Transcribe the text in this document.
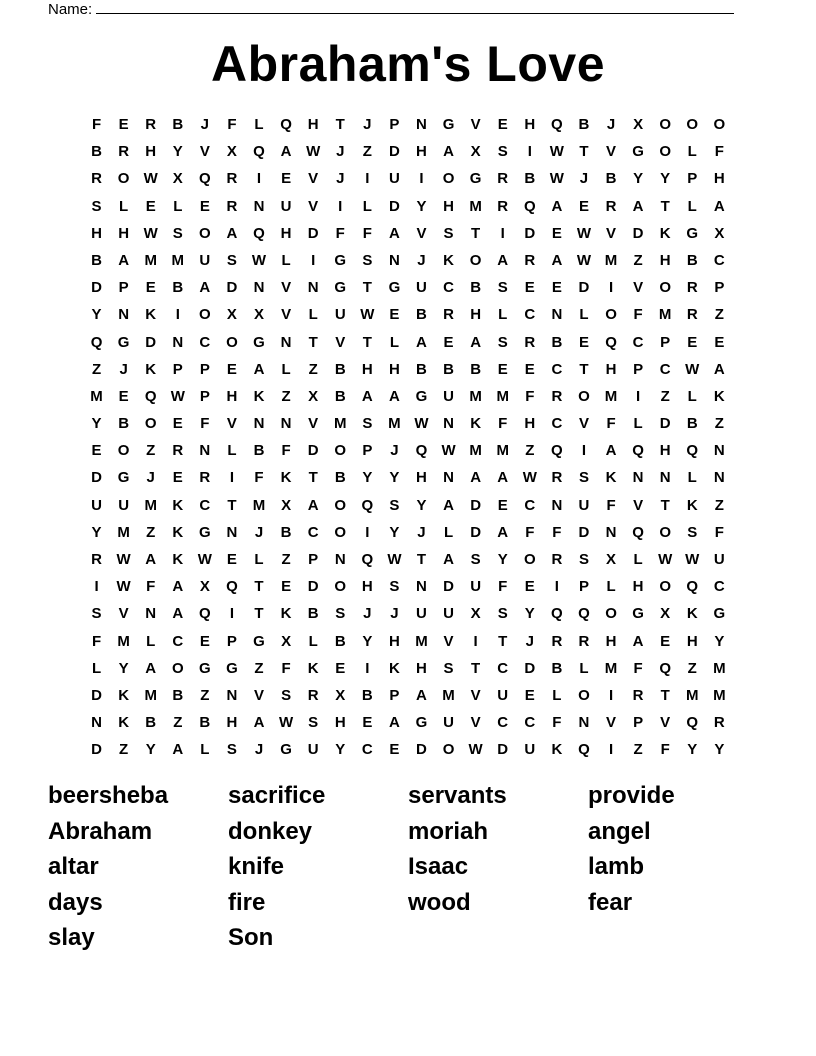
Name:
Abraham's Love
F	E	R	B	J	F	L	Q	H	T	J	P	N	G	V	E	H	Q	B	J	X	O	O	O
B	R	H	Y	V	X	Q	A W	J	Z	D	H	A	X	S	I	W	T	V	G	O	L	F
R	O W X	Q	R	I	E	V	J	I	U	I	O	G	R	B W	J	B	Y	Y	P	H
S	L	E	L	E	R	N	U	V	I	L	D	Y	H	M	R	Q	A	E	R	A	T	L	A
H	H W S	O	A	Q	H	D	F	F	A	V	S	T	I	D	E W V	D	K	G	X
B	A	M M	U	S W	L	I	G	S	N	J	K	O	A	R	A W M	Z	H	B	C
D	P	E	B	A	D	N	V	N	G	T	G	U	C	B	S	E	E	D	I	V	O	R	P
Y	N	K	I	O	X	X	V	L	U W E	B	R	H	L	C	N	L	O	F	M	R	Z
Q	G	D	N	C	O	G	N	T	V	T	L	A	E	A	S	R	B	E	Q	C	P	E	E
Z	J	K	P	P	E	A	L	Z	B	H	H	B	B	B	E	E	C	T	H	P	C W A
M	E	Q W P	H	K	Z	X	B	A	A	G	U	M M	F	R	O M	I	Z	L	K
Y	B	O	E	F	V	N	N	V	M	S	M W N	K	F	H	C	V	F	L	D	B	Z
E	O	Z	R	N	L	B	F	D	O	P	J	Q W M M	Z	Q	I	A	Q	H	Q	N
D	G	J	E	R	I	F	K	T	B	Y	Y	H	N	A	A W R	S	K	N	N	L	N
U	U	M	K	C	T	M	X	A	O	Q	S	Y	A	D	E	C	N	U	F	V	T	K	Z
Y	M	Z	K	G	N	J	B	C	O	I	Y	J	L	D	A	F	F	D	N	Q	O	S	F
R W A	K W E	L	Z	P	N	Q W	T	A	S	Y	O	R	S	X	L	W W U
I	W	F	A	X	Q	T	E	D	O	H	S	N	D	U	F	E	I	P	L	H	O	Q	C
S	V	N	A	Q	I	T	K	B	S	J	J	U	U	X	S	Y	Q	Q	O	G	X	K	G
F	M	L	C	E	P	G	X	L	B	Y	H	M	V	I	T	J	R	R	H	A	E	H	Y
L	Y	A	O	G	G	Z	F	K	E	I	K	H	S	T	C	D	B	L	M	F	Q	Z	M
D	K	M	B	Z	N	V	S	R	X	B	P	A	M	V	U	E	L	O	I	R	T	M M
N	K	B	Z	B	H	A W S	H	E	A	G	U	V	C	C	F	N	V	P	V	Q	R
D	Z	Y	A	L	S	J	G	U	Y	C	E	D	O W D	U	K	Q	I	Z	F	Y	Y
beersheba	sacrifice	servants	provide
Abraham	donkey	moriah	angel
altar	knife	Isaac	lamb
days	fire	wood	fear
slay	Son
